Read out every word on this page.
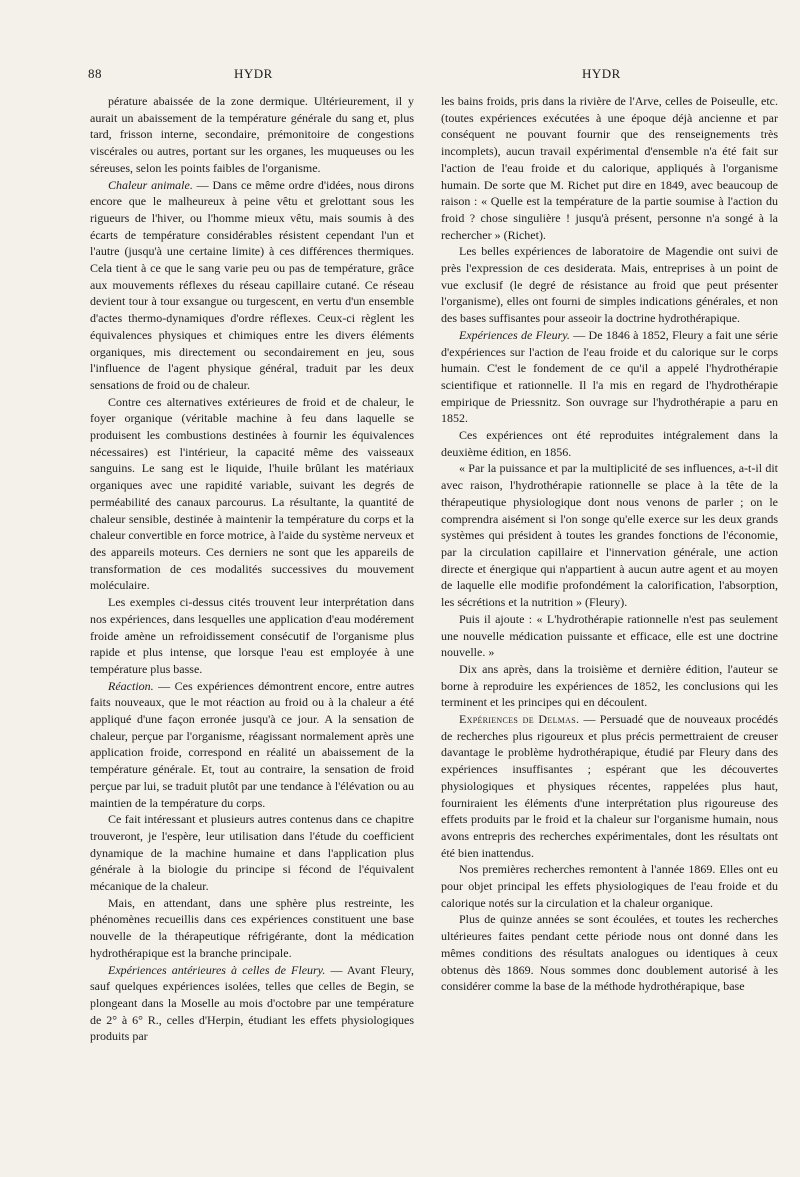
88	HYDR	HYDR

pérature abaissée de la zone dermique. Ultérieurement, il y aurait un abaissement de la température générale du sang et, plus tard, frisson interne, secondaire, prémonitoire de congestions viscérales ou autres, portant sur les organes, les muqueuses ou les séreuses, selon les points faibles de l'organisme.

Chaleur animale. — Dans ce même ordre d'idées, nous dirons encore que le malheureux à peine vêtu et grelottant sous les rigueurs de l'hiver, ou l'homme mieux vêtu, mais soumis à des écarts de température considérables résistent cependant l'un et l'autre (jusqu'à une certaine limite) à ces différences thermiques. Cela tient à ce que le sang varie peu ou pas de température, grâce aux mouvements réflexes du réseau capillaire cutané. Ce réseau devient tour à tour exsangue ou turgescent, en vertu d'un ensemble d'actes thermo-dynamiques d'ordre réflexes. Ceux-ci règlent les équivalences physiques et chimiques entre les divers éléments organiques, mis directement ou secondairement en jeu, sous l'influence de l'agent physique général, traduit par les deux sensations de froid ou de chaleur.

Contre ces alternatives extérieures de froid et de chaleur, le foyer organique (véritable machine à feu dans laquelle se produisent les combustions destinées à fournir les équivalences nécessaires) est l'intérieur, la capacité même des vaisseaux sanguins. Le sang est le liquide, l'huile brûlant les matériaux organiques avec une rapidité variable, suivant les degrés de perméabilité des canaux parcourus. La résultante, la quantité de chaleur sensible, destinée à maintenir la température du corps et la chaleur convertible en force motrice, à l'aide du système nerveux et des appareils moteurs. Ces derniers ne sont que les appareils de transformation de ces modalités successives du mouvement moléculaire.

Les exemples ci-dessus cités trouvent leur interprétation dans nos expériences, dans lesquelles une application d'eau modérement froide amène un refroidissement consécutif de l'organisme plus rapide et plus intense, que lorsque l'eau est employée à une température plus basse.

Réaction. — Ces expériences démontrent encore, entre autres faits nouveaux, que le mot réaction au froid ou à la chaleur a été appliqué d'une façon erronée jusqu'à ce jour. A la sensation de chaleur, perçue par l'organisme, réagissant normalement après une application froide, correspond en réalité un abaissement de la température générale. Et, tout au contraire, la sensation de froid perçue par lui, se traduit plutôt par une tendance à l'élévation ou au maintien de la température du corps.

Ce fait intéressant et plusieurs autres contenus dans ce chapitre trouveront, je l'espère, leur utilisation dans l'étude du coefficient dynamique de la machine humaine et dans l'application plus générale à la biologie du principe si fécond de l'équivalent mécanique de la chaleur.

Mais, en attendant, dans une sphère plus restreinte, les phénomènes recueillis dans ces expériences constituent une base nouvelle de la thérapeutique réfrigérante, dont la médication hydrothérapique est la branche principale.

Expériences antérieures à celles de Fleury. — Avant Fleury, sauf quelques expériences isolées, telles que celles de Begin, se plongeant dans la Moselle au mois d'octobre par une température de 2° à 6° R., celles d'Herpin, étudiant les effets physiologiques produits par

les bains froids, pris dans la rivière de l'Arve, celles de Poiseulle, etc. (toutes expériences exécutées à une époque déjà ancienne et par conséquent ne pouvant fournir que des renseignements très incomplets), aucun travail expérimental d'ensemble n'a été fait sur l'action de l'eau froide et du calorique, appliqués à l'organisme humain. De sorte que M. Richet put dire en 1849, avec beaucoup de raison : « Quelle est la température de la partie soumise à l'action du froid ? chose singulière ! jusqu'à présent, personne n'a songé à la rechercher » (Richet).

Les belles expériences de laboratoire de Magendie ont suivi de près l'expression de ces desiderata. Mais, entreprises à un point de vue exclusif (le degré de résistance au froid que peut présenter l'organisme), elles ont fourni de simples indications générales, et non des bases suffisantes pour asseoir la doctrine hydrothérapique.

Expériences de Fleury. — De 1846 à 1852, Fleury a fait une série d'expériences sur l'action de l'eau froide et du calorique sur le corps humain. C'est le fondement de ce qu'il a appelé l'hydrothérapie scientifique et rationnelle. Il l'a mis en regard de l'hydrothérapie empirique de Priessnitz. Son ouvrage sur l'hydrothérapie a paru en 1852.

Ces expériences ont été reproduites intégralement dans la deuxième édition, en 1856.

« Par la puissance et par la multiplicité de ses influences, a-t-il dit avec raison, l'hydrothérapie rationnelle se place à la tête de la thérapeutique physiologique dont nous venons de parler ; on le comprendra aisément si l'on songe qu'elle exerce sur les deux grands systèmes qui président à toutes les grandes fonctions de l'économie, par la circulation capillaire et l'innervation générale, une action directe et énergique qui n'appartient à aucun autre agent et au moyen de laquelle elle modifie profondément la calorification, l'absorption, les sécrétions et la nutrition » (Fleury).

Puis il ajoute : « L'hydrothérapie rationnelle n'est pas seulement une nouvelle médication puissante et efficace, elle est une doctrine nouvelle. »

Dix ans après, dans la troisième et dernière édition, l'auteur se borne à reproduire les expériences de 1852, les conclusions qui les terminent et les principes qui en découlent.

Expériences de Delmas. — Persuadé que de nouveaux procédés de recherches plus rigoureux et plus précis permettraient de creuser davantage le problème hydrothérapique, étudié par Fleury dans des expériences insuffisantes ; espérant que les découvertes physiologiques et physiques récentes, rappelées plus haut, fourniraient les éléments d'une interprétation plus rigoureuse des effets produits par le froid et la chaleur sur l'organisme humain, nous avons entrepris des recherches expérimentales, dont les résultats ont été bien inattendus.

Nos premières recherches remontent à l'année 1869. Elles ont eu pour objet principal les effets physiologiques de l'eau froide et du calorique notés sur la circulation et la chaleur organique.

Plus de quinze années se sont écoulées, et toutes les recherches ultérieures faites pendant cette période nous ont donné dans les mêmes conditions des résultats analogues ou identiques à ceux obtenus dès 1869. Nous sommes donc doublement autorisé à les considérer comme la base de la méthode hydrothérapique, base
